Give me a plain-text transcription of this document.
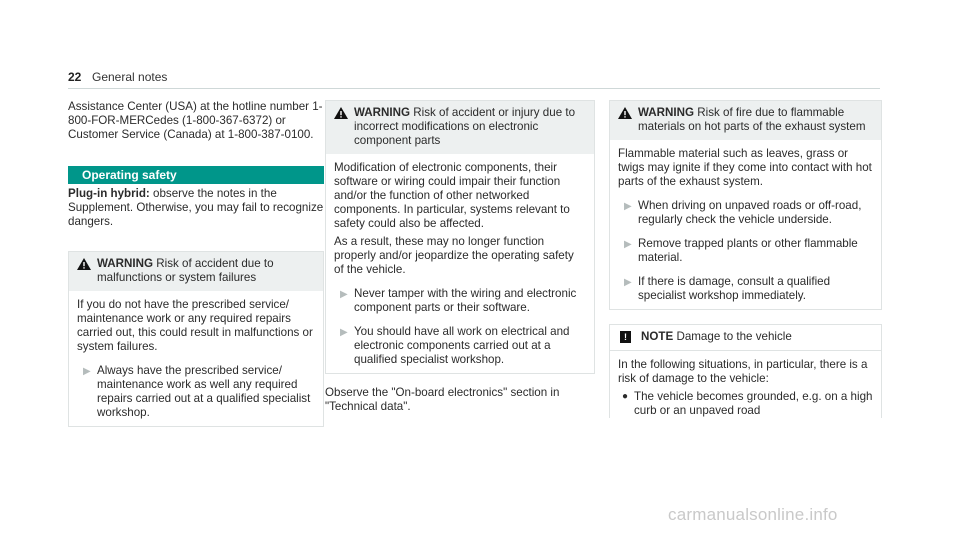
22 General notes

Assistance Center (USA) at the hotline number 1-800-FOR-MERCedes (1-800-367-6372) or Customer Service (Canada) at 1-800-387-0100.

Operating safety

Plug-in hybrid: observe the notes in the Supplement. Otherwise, you may fail to recognize dangers.

WARNING Risk of accident due to malfunctions or system failures

If you do not have the prescribed service/ maintenance work or any required repairs carried out, this could result in malfunctions or system failures.

▶ Always have the prescribed service/ maintenance work as well any required repairs carried out at a qualified specialist workshop.
WARNING Risk of accident or injury due to incorrect modifications on electronic component parts

Modification of electronic components, their software or wiring could impair their function and/or the function of other networked components. In particular, systems relevant to safety could also be affected.

As a result, these may no longer function properly and/or jeopardize the operating safety of the vehicle.

▶ Never tamper with the wiring and electronic component parts or their software.
▶ You should have all work on electrical and electronic components carried out at a qualified specialist workshop.

Observe the "On-board electronics" section in "Technical data".

WARNING Risk of fire due to flammable materials on hot parts of the exhaust system

Flammable material such as leaves, grass or twigs may ignite if they come into contact with hot parts of the exhaust system.

▶ When driving on unpaved roads or off-road, regularly check the vehicle underside.
▶ Remove trapped plants or other flammable material.
▶ If there is damage, consult a qualified specialist workshop immediately.
!	NOTE Damage to the vehicle

In the following situations, in particular, there is a risk of damage to the vehicle:

● The vehicle becomes grounded, e.g. on a high curb or an unpaved road
carmanualsonline.info
